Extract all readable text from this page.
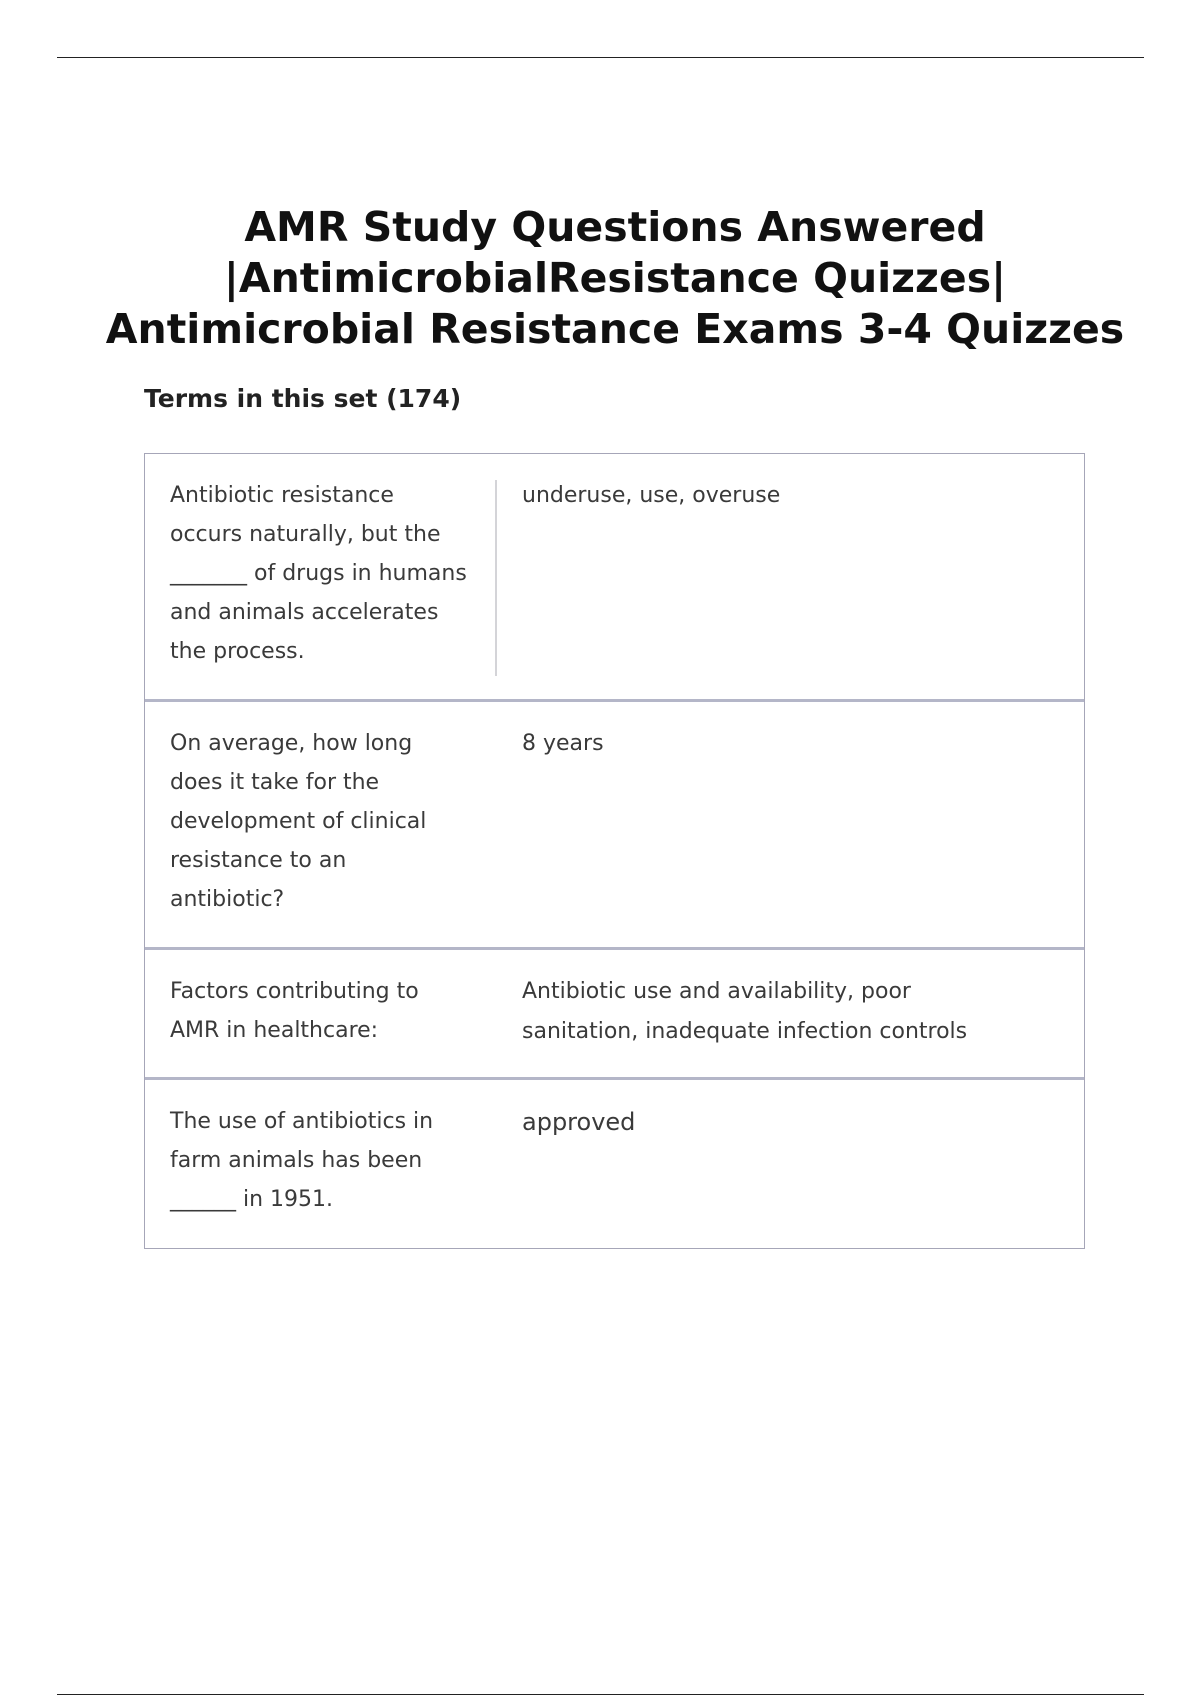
AMR Study Questions Answered
|AntimicrobialResistance Quizzes|
Antimicrobial Resistance Exams 3-4 Quizzes
Terms in this set (174)
Antibiotic resistance
occurs naturally, but the
_______ of drugs in humans
and animals accelerates
the process.
underuse, use, overuse
On average, how long
does it take for the
development of clinical
resistance to an
antibiotic?
8 years
Factors contributing to
AMR in healthcare:
Antibiotic use and availability, poor
sanitation, inadequate infection controls
The use of antibiotics in
farm animals has been
______ in 1951.
approved
